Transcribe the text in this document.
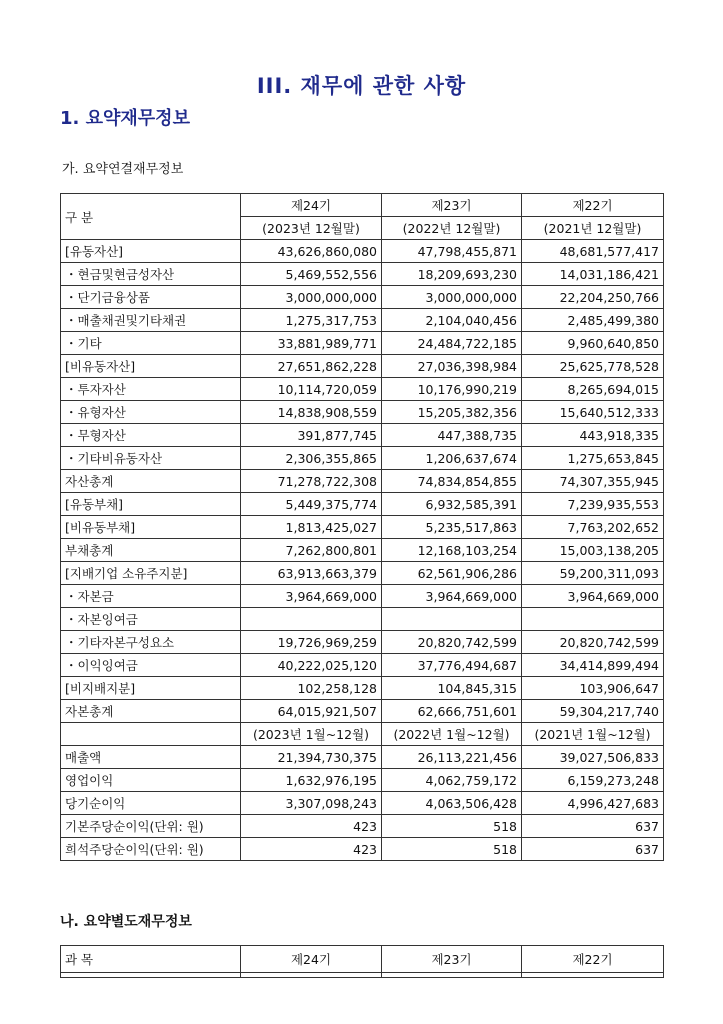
III. 재무에 관한 사항
1. 요약재무정보
가. 요약연결재무정보
구 분	제24기	제23기	제22기
	(2023년 12월말)	(2022년 12월말)	(2021년 12월말)
[유동자산]	43,626,860,080	47,798,455,871	48,681,577,417
・현금및현금성자산	5,469,552,556	18,209,693,230	14,031,186,421
・단기금융상품	3,000,000,000	3,000,000,000	22,204,250,766
・매출채권및기타채권	1,275,317,753	2,104,040,456	2,485,499,380
・기타	33,881,989,771	24,484,722,185	9,960,640,850
[비유동자산]	27,651,862,228	27,036,398,984	25,625,778,528
・투자자산	10,114,720,059	10,176,990,219	8,265,694,015
・유형자산	14,838,908,559	15,205,382,356	15,640,512,333
・무형자산	391,877,745	447,388,735	443,918,335
・기타비유동자산	2,306,355,865	1,206,637,674	1,275,653,845
자산총계	71,278,722,308	74,834,854,855	74,307,355,945
[유동부채]	5,449,375,774	6,932,585,391	7,239,935,553
[비유동부채]	1,813,425,027	5,235,517,863	7,763,202,652
부채총계	7,262,800,801	12,168,103,254	15,003,138,205
[지배기업 소유주지분]	63,913,663,379	62,561,906,286	59,200,311,093
・자본금	3,964,669,000	3,964,669,000	3,964,669,000
・자본잉여금			
・기타자본구성요소	19,726,969,259	20,820,742,599	20,820,742,599
・이익잉여금	40,222,025,120	37,776,494,687	34,414,899,494
[비지배지분]	102,258,128	104,845,315	103,906,647
자본총계	64,015,921,507	62,666,751,601	59,304,217,740
	(2023년 1월~12월)	(2022년 1월~12월)	(2021년 1월~12월)
매출액	21,394,730,375	26,113,221,456	39,027,506,833
영업이익	1,632,976,195	4,062,759,172	6,159,273,248
당기순이익	3,307,098,243	4,063,506,428	4,996,427,683
기본주당순이익(단위: 원)	423	518	637
희석주당순이익(단위: 원)	423	518	637
나. 요약별도재무정보
과 목	제24기	제23기	제22기
